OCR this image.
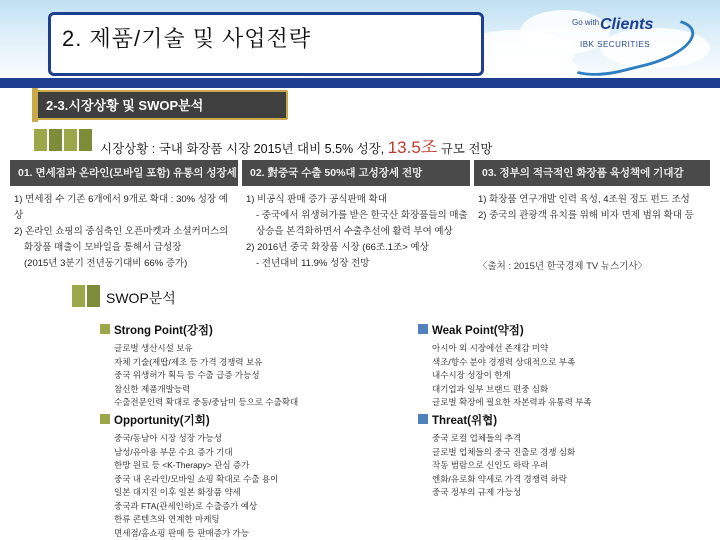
2. 제품/기술 및 사업전략
Go with Clients
IBK SECURITIES
2-3.시장상황 및 SWOP분석
시장상황 : 국내 화장품 시장 2015년 대비 5.5% 성장, 13.5조 규모 전망
01. 면세점과 온라인(모바일 포함) 유통의 성장세	02. 對중국 수출 50%대 고성장세 전망	03. 정부의 적극적인 화장품 육성책에 기대감
1) 면세점 수 기존 6개에서 9개로 확대 : 30% 성장 예상
2) 온라인 쇼핑의 중심축인 오픈마켓과 소셜커머스의
화장품 매출이 모바일을 통해서 급성장
(2015년 3분기 전년동기대비 66% 증가)
1) 비공식 판매 증가 공식판매 확대
- 중국에서 위생허가를 받은 한국산 화장품들의 매출
상승을 본격화하면서 수출추선에 활력 부여 예상
2) 2016년 중국 화장품 시장 (66조.1조> 예상
- 전년대비 11.9% 성장 전망
1) 화장품 연구개발 인력 육성, 4조원 정도 펀드 조성
2) 중국의 관광객 유치를 위해 비자 면제 범위 확대 등
〈출처 : 2015년 한국경제 TV 뉴스기사〉
SWOP분석
Strong Point(강점)
글로벌 생산시설 보유
자체 기술(제땁/제조 등 가격 경쟁력 보유
중국 위생허가 획득 등 수출 급증 가능성
참신한 제품개발능력
수출전문인력 확대로 중동/중남미 등으로 수출확대
Weak Point(약점)
아시아 외 시장에선 존재감 미약
색조/향수 분야 경쟁력 상대적으로 부족
내수시장 성장이 한계
대기업과 일부 브랜드 편중 심화
글로벌 확장에 필요한 자본력과 유통력 부족
Opportunity(기회)
중국/동남아 시장 성장 가능성
남성/유아용 부문 수요 증가 기대
한방 원료 등 <K-Therapy> 관심 증가
중국 내 온라인/모바일 쇼핑 확대로 수출 용이
일본 대지진 이후 일본 화장품 약세
중국과 FTA(관세인하)로 수출증가 예상
한류 콘텐츠와 연계한 마케팅
면세점/홈쇼핑 판매 등 판매증가 가능
Threat(위협)
중국 로컬 업체들의 추격
글로벌 업체들의 중국 진출로 경쟁 심화
작동 범람으로 신인도 하락 우려
엔화/유로화 약세로 가격 경쟁력 하락
중국 정부의 규제 가능성
